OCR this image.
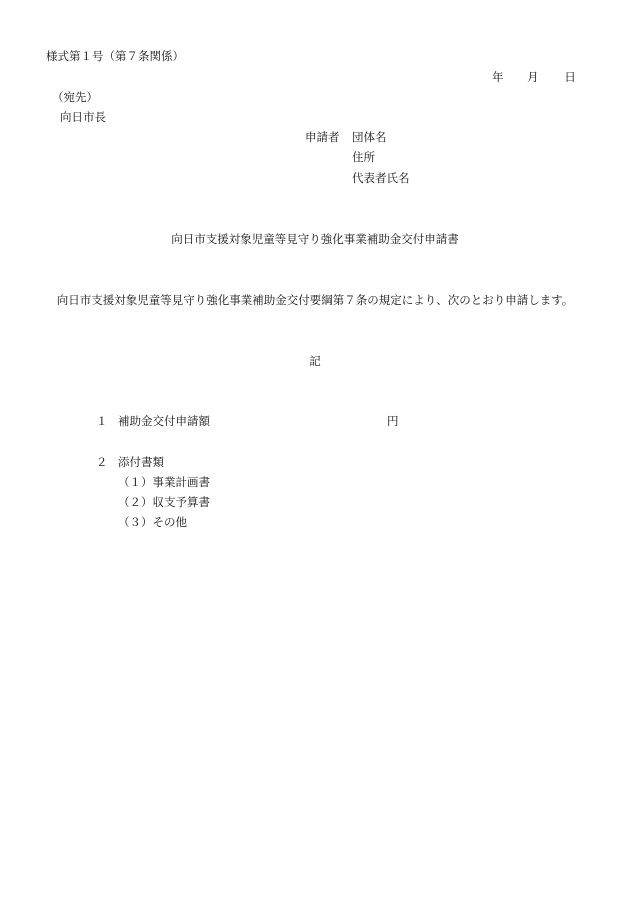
様式第１号（第７条関係）
年 月 日
（宛先）
向日市長
申請者 団体名
住所
代表者氏名
向日市支援対象児童等見守り強化事業補助金交付申請書
向日市支援対象児童等見守り強化事業補助金交付要綱第７条の規定により、次のとおり申請します。
記
１ 補助金交付申請額	円
２ 添付書類
（１）事業計画書
（２）収支予算書
（３）その他
